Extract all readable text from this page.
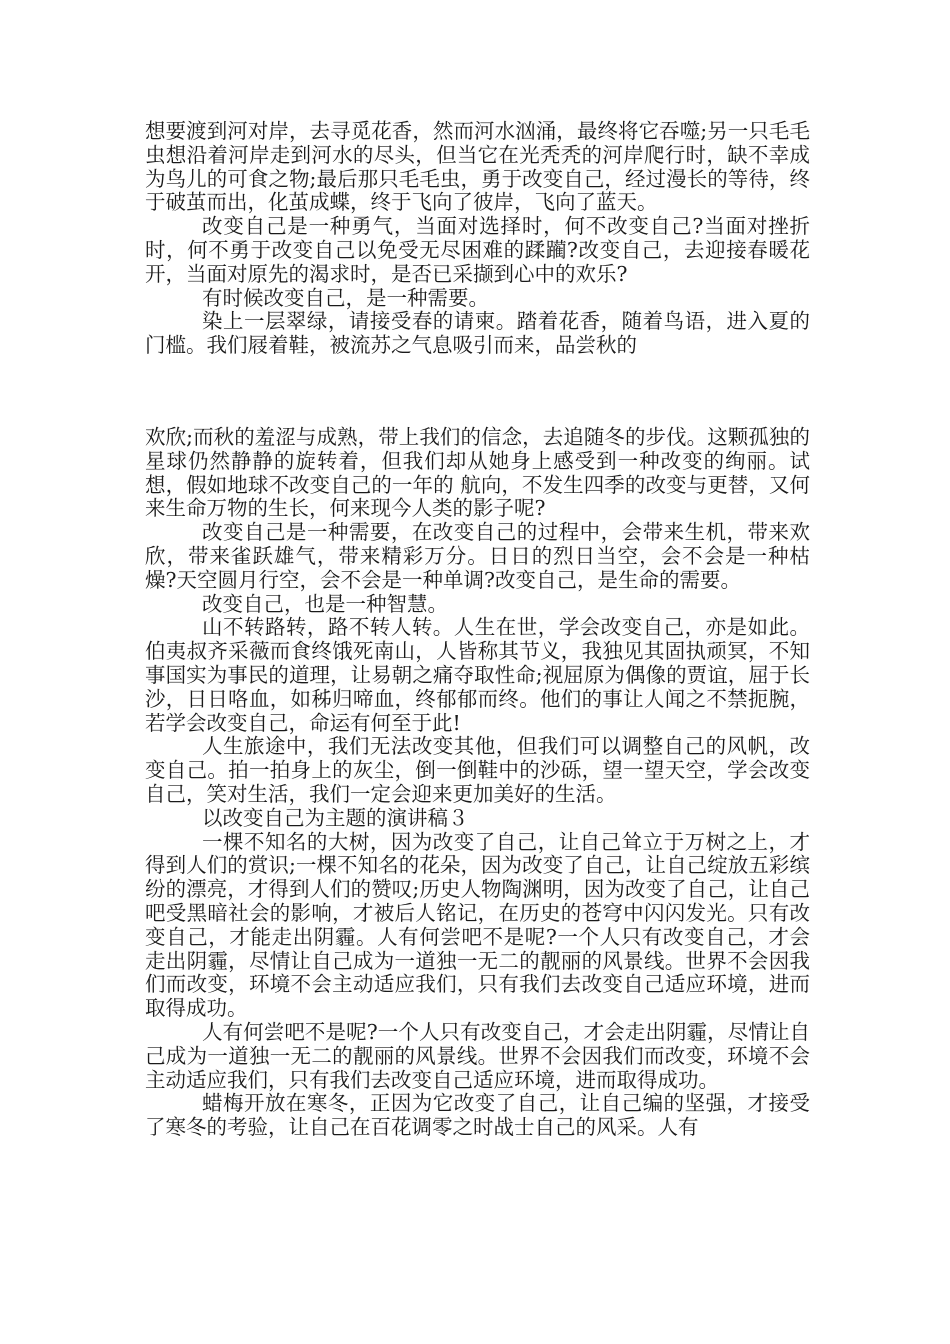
想要渡到河对岸，去寻觅花香，然而河水汹涌，最终将它吞噬;另一只毛毛虫想沿着河岸走到河水的尽头，但当它在光秃秃的河岸爬行时，缺不幸成为鸟儿的可食之物;最后那只毛毛虫，勇于改变自己，经过漫长的等待，终于破茧而出，化茧成蝶，终于飞向了彼岸，飞向了蓝天。

改变自己是一种勇气，当面对选择时，何不改变自己?当面对挫折时，何不勇于改变自己以免受无尽困难的蹂躏?改变自己，去迎接春暖花开，当面对原先的渴求时，是否已采撷到心中的欢乐?

有时候改变自己，是一种需要。

染上一层翠绿，请接受春的请柬。踏着花香，随着鸟语，进入夏的门槛。我们屐着鞋，被流苏之气息吸引而来，品尝秋的

欢欣;而秋的羞涩与成熟，带上我们的信念，去追随冬的步伐。这颗孤独的星球仍然静静的旋转着，但我们却从她身上感受到一种改变的绚丽。试想，假如地球不改变自己的一年的 航向，不发生四季的改变与更替，又何来生命万物的生长，何来现今人类的影子呢?

改变自己是一种需要，在改变自己的过程中，会带来生机，带来欢欣，带来雀跃雄气，带来精彩万分。日日的烈日当空，会不会是一种枯燥?天空圆月行空，会不会是一种单调?改变自己，是生命的需要。

改变自己，也是一种智慧。

山不转路转，路不转人转。人生在世，学会改变自己，亦是如此。伯夷叔齐采薇而食终饿死南山，人皆称其节义，我独见其固执顽冥，不知事国实为事民的道理，让易朝之痛夺取性命;视屈原为偶像的贾谊，屈于长沙，日日咯血，如秭归啼血，终郁郁而终。他们的事让人闻之不禁扼腕，若学会改变自己，命运有何至于此!

人生旅途中，我们无法改变其他，但我们可以调整自己的风帆，改变自己。拍一拍身上的灰尘，倒一倒鞋中的沙砾，望一望天空，学会改变自己，笑对生活，我们一定会迎来更加美好的生活。

以改变自己为主题的演讲稿３

一棵不知名的大树，因为改变了自己，让自己耸立于万树之上，才得到人们的赏识;一棵不知名的花朵，因为改变了自己，让自己绽放五彩缤纷的漂亮，才得到人们的赞叹;历史人物陶渊明，因为改变了自己，让自己吧受黑暗社会的影响，才被后人铭记，在历史的苍穹中闪闪发光。只有改变自己，才能走出阴霾。人有何尝吧不是呢?一个人只有改变自己，才会走出阴霾，尽情让自己成为一道独一无二的靓丽的风景线。世界不会因我们而改变，环境不会主动适应我们，只有我们去改变自己适应环境，进而取得成功。

人有何尝吧不是呢?一个人只有改变自己，才会走出阴霾，尽情让自己成为一道独一无二的靓丽的风景线。世界不会因我们而改变，环境不会主动适应我们，只有我们去改变自己适应环境，进而取得成功。

蜡梅开放在寒冬，正因为它改变了自己，让自己编的坚强，才接受了寒冬的考验，让自己在百花调零之时战士自己的风采。人有
